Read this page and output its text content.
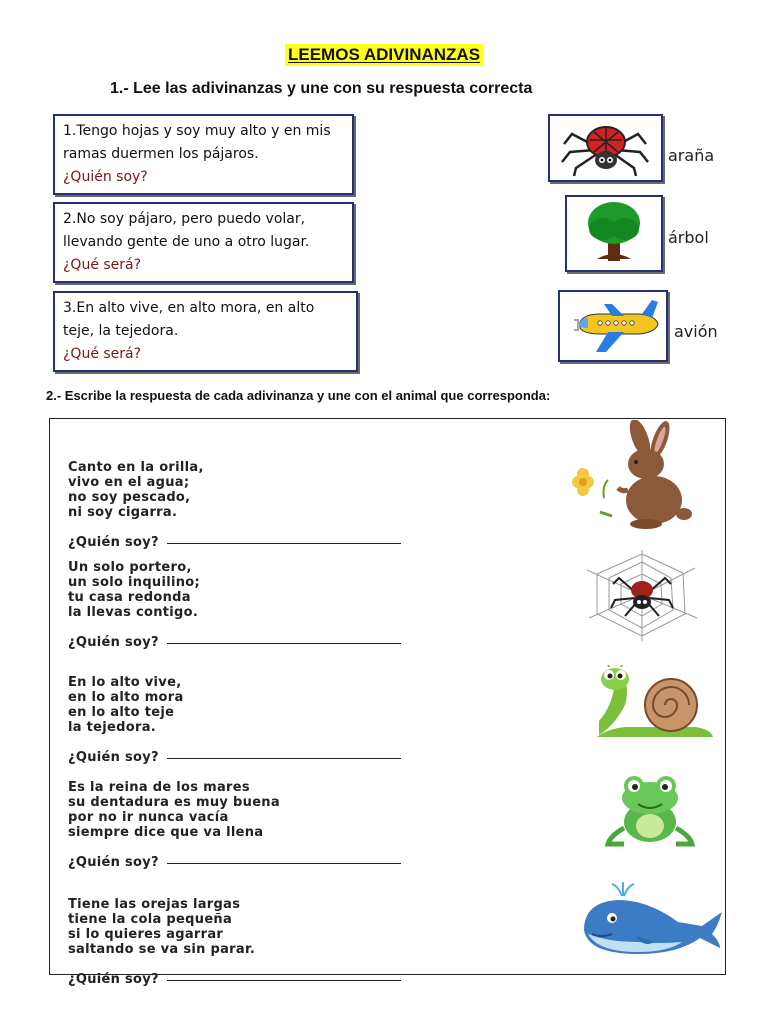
LEEMOS ADIVINANZAS
1.- Lee las adivinanzas y une con su respuesta correcta
1.Tengo hojas y soy muy alto y en mis ramas duermen los pájaros.
¿Quién soy?
2.No soy pájaro, pero puedo volar, llevando gente de uno a otro lugar.
¿Qué será?
3.En alto vive, en alto mora, en alto teje, la tejedora.
¿Qué será?
araña
árbol
avión
2.- Escribe la respuesta de cada adivinanza y une con el animal que corresponda:

Canto en la orilla,
vivo en el agua;
no soy pescado,
ni soy cigarra.

¿Quién soy?

Un solo portero,
un solo inquilino;
tu casa redonda
la llevas contigo.

¿Quién soy?

En lo alto vive,
en lo alto mora
en lo alto teje
la tejedora.

¿Quién soy?

Es la reina de los mares
su dentadura es muy buena
por no ir nunca vacía
siempre dice que va llena

¿Quién soy?

Tiene las orejas largas
tiene la cola pequeña
si lo quieres agarrar
saltando se va sin parar.

¿Quién soy?
